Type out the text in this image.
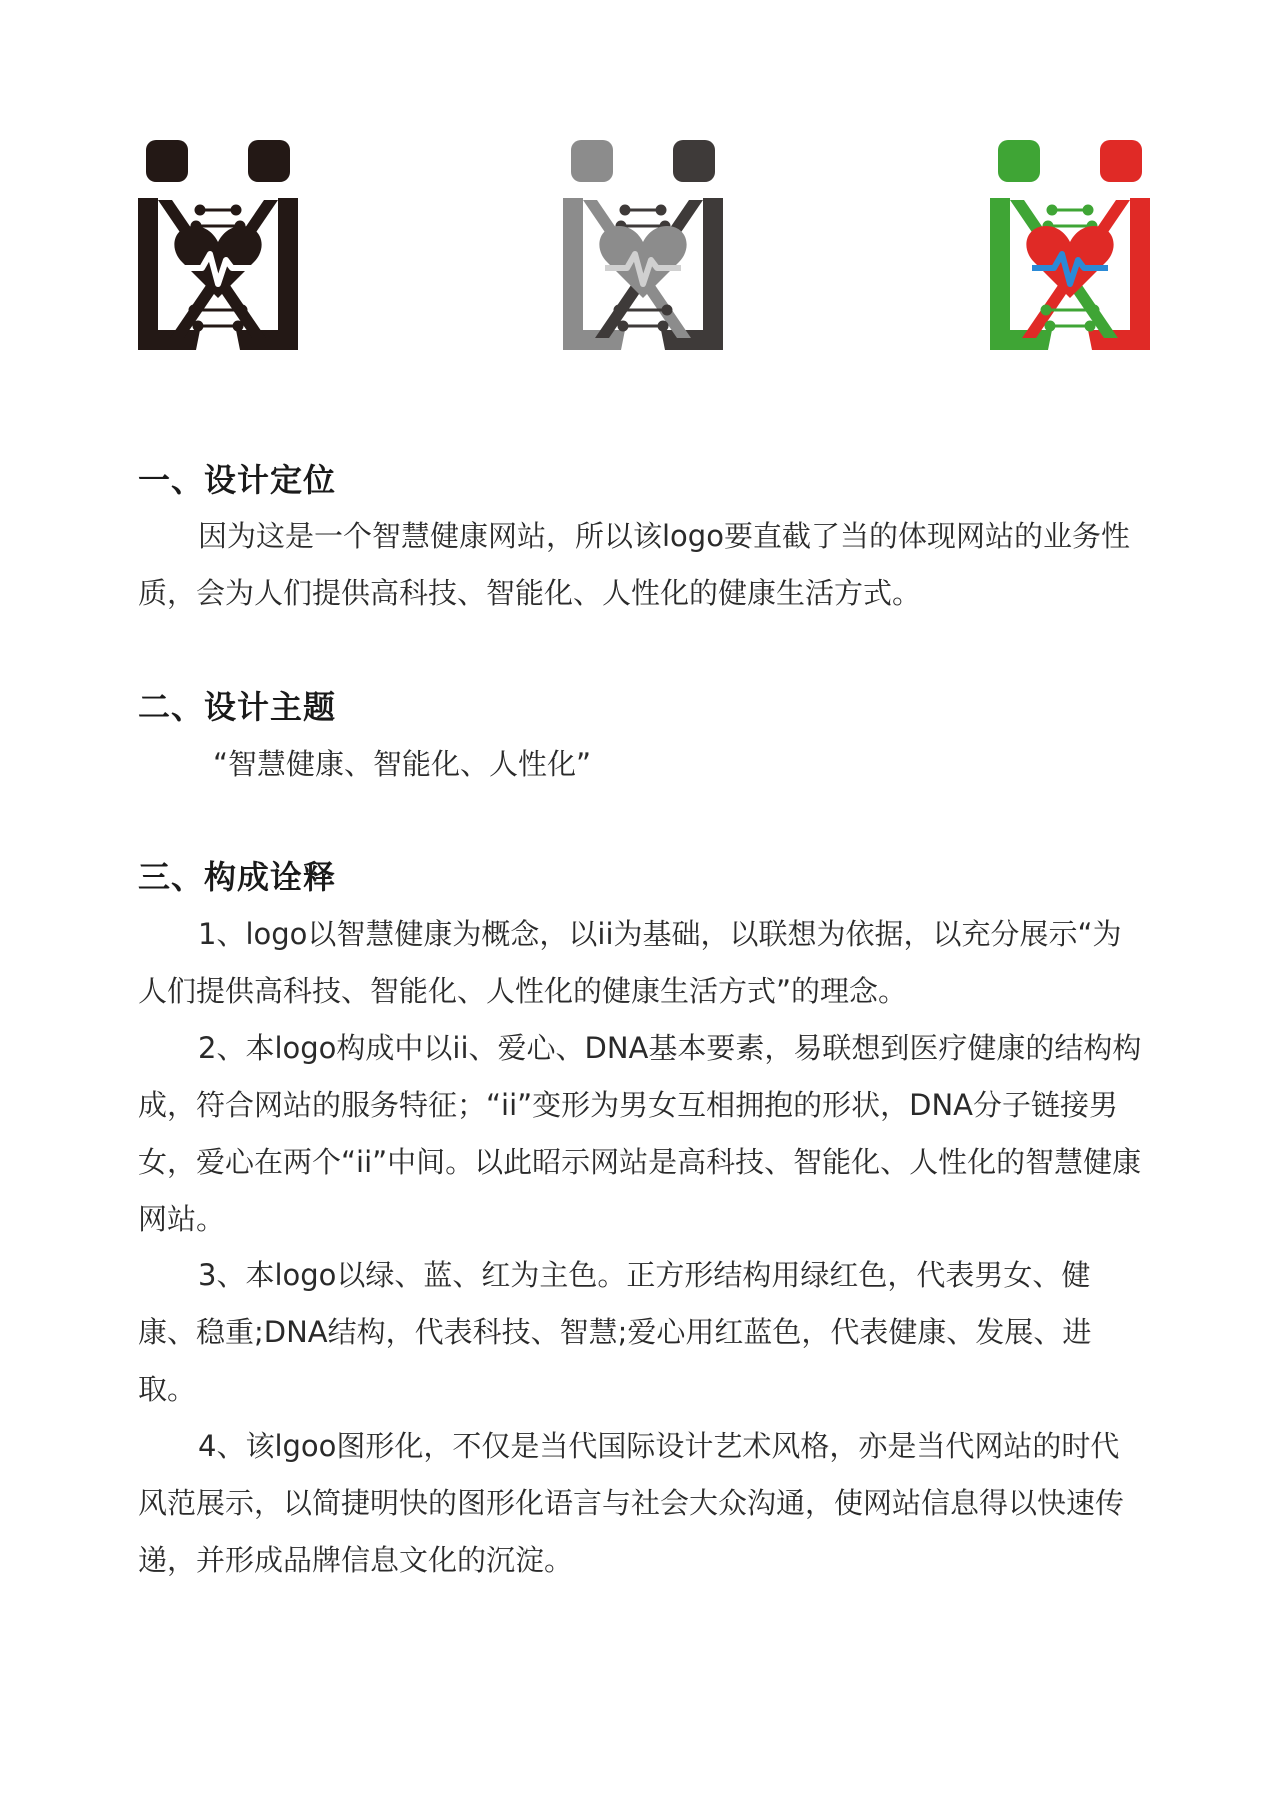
一、设计定位

因为这是一个智慧健康网站，所以该logo要直截了当的体现网站的业务性质，会为人们提供高科技、智能化、人性化的健康生活方式。

二、设计主题
“智慧健康、智能化、人性化”
三、构成诠释

1、logo以智慧健康为概念，以ii为基础，以联想为依据，以充分展示“为人们提供高科技、智能化、人性化的健康生活方式”的理念。

2、本logo构成中以ii、爱心、DNA基本要素，易联想到医疗健康的结构构成，符合网站的服务特征；“ii”变形为男女互相拥抱的形状，DNA分子链接男女，爱心在两个“ii”中间。以此昭示网站是高科技、智能化、人性化的智慧健康网站。

3、本logo以绿、蓝、红为主色。正方形结构用绿红色，代表男女、健康、稳重;DNA结构，代表科技、智慧;爱心用红蓝色，代表健康、发展、进取。

4、该lgoo图形化，不仅是当代国际设计艺术风格，亦是当代网站的时代风范展示，以简捷明快的图形化语言与社会大众沟通，使网站信息得以快速传递，并形成品牌信息文化的沉淀。
